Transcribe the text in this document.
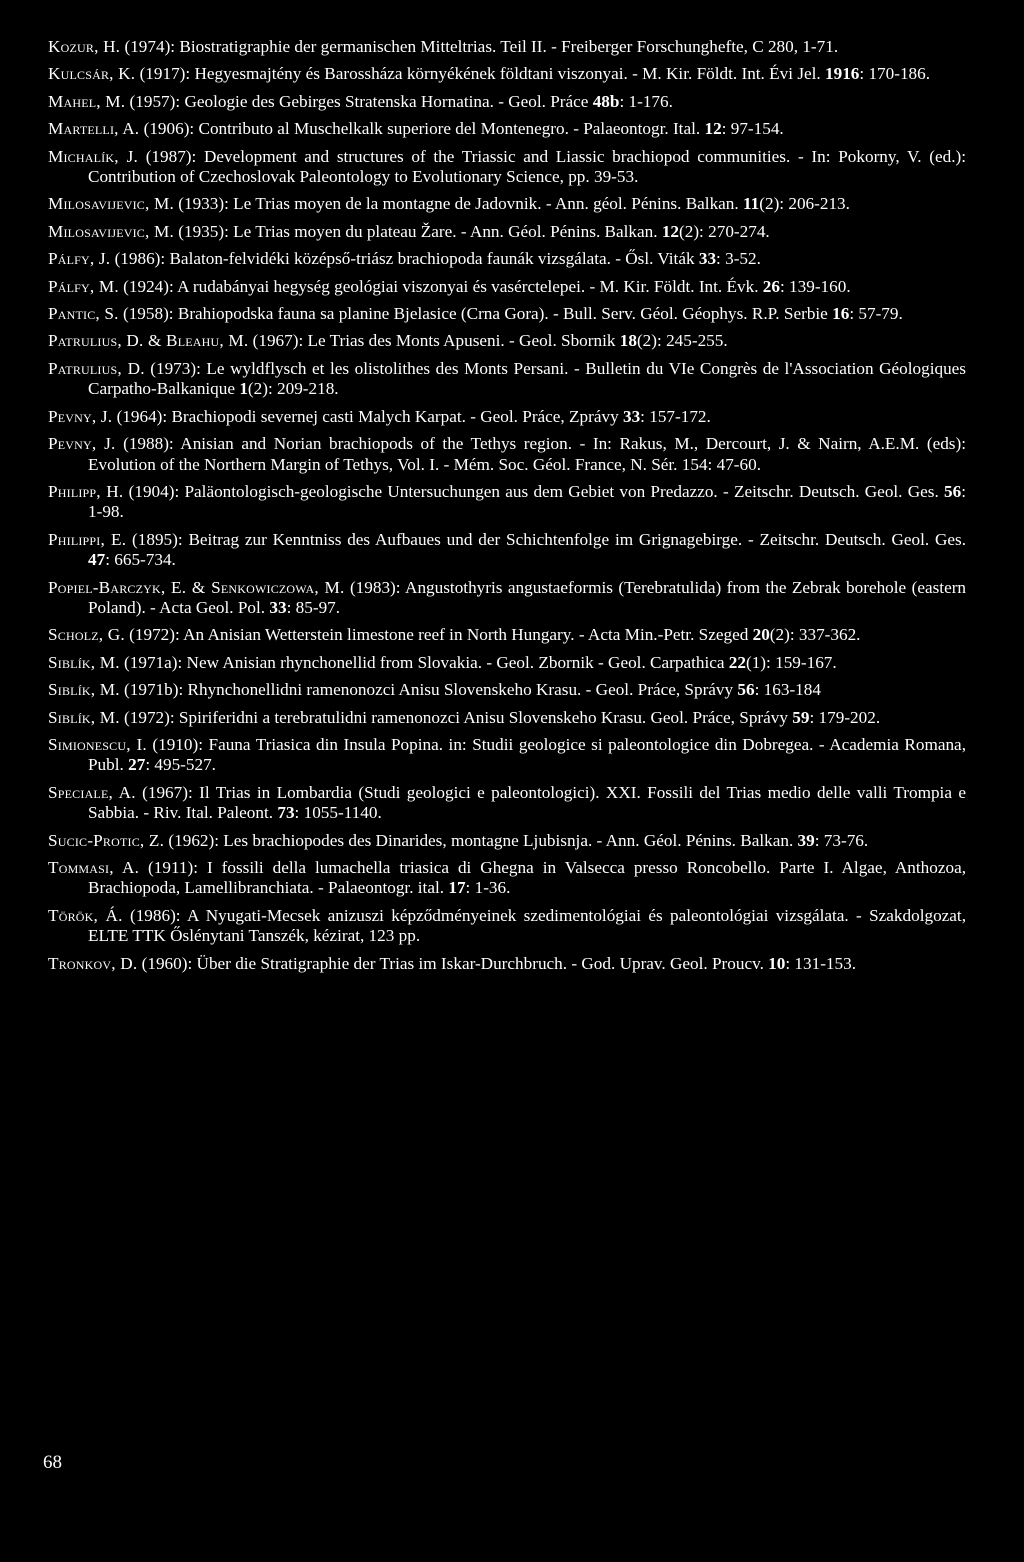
Kozur, H. (1974): Biostratigraphie der germanischen Mitteltrias. Teil II. - Freiberger Forschunghefte, C 280, 1-71.

Kulcsár, K. (1917): Hegyesmajtény és Barossháza környékének földtani viszonyai. - M. Kir. Földt. Int. Évi Jel. 1916: 170-186.

Mahel, M. (1957): Geologie des Gebirges Stratenska Hornatina. - Geol. Práce 48b: 1-176.

Martelli, A. (1906): Contributo al Muschelkalk superiore del Montenegro. - Palaeontogr. Ital. 12: 97-154.

Michalík, J. (1987): Development and structures of the Triassic and Liassic brachiopod communities. - In: Pokorny, V. (ed.): Contribution of Czechoslovak Paleontology to Evolutionary Science, pp. 39-53.

Milosavijevic, M. (1933): Le Trias moyen de la montagne de Jadovnik. - Ann. géol. Pénins. Balkan. 11(2): 206-213.

Milosavijevic, M. (1935): Le Trias moyen du plateau Žare. - Ann. Géol. Pénins. Balkan. 12(2): 270-274.

Pálfy, J. (1986): Balaton-felvidéki középső-triász brachiopoda faunák vizsgálata. - Ősl. Viták 33: 3-52.

Pálfy, M. (1924): A rudabányai hegység geológiai viszonyai és vasérctelepei. - M. Kir. Földt. Int. Évk. 26: 139-160.

Pantic, S. (1958): Brahiopodska fauna sa planine Bjelasice (Crna Gora). - Bull. Serv. Géol. Géophys. R.P. Serbie 16: 57-79.

Patrulius, D. & Bleahu, M. (1967): Le Trias des Monts Apuseni. - Geol. Sbornik 18(2): 245-255.

Patrulius, D. (1973): Le wyldflysch et les olistolithes des Monts Persani. - Bulletin du VIe Congrès de l'Association Géologiques Carpatho-Balkanique 1(2): 209-218.

Pevny, J. (1964): Brachiopodi severnej casti Malych Karpat. - Geol. Práce, Zprávy 33: 157-172.

Pevny, J. (1988): Anisian and Norian brachiopods of the Tethys region. - In: Rakus, M., Dercourt, J. & Nairn, A.E.M. (eds): Evolution of the Northern Margin of Tethys, Vol. I. - Mém. Soc. Géol. France, N. Sér. 154: 47-60.

Philipp, H. (1904): Paläontologisch-geologische Untersuchungen aus dem Gebiet von Predazzo. - Zeitschr. Deutsch. Geol. Ges. 56: 1-98.

Philippi, E. (1895): Beitrag zur Kenntniss des Aufbaues und der Schichtenfolge im Grignagebirge. - Zeitschr. Deutsch. Geol. Ges. 47: 665-734.

Popiel-Barczyk, E. & Senkowiczowa, M. (1983): Angustothyris angustaeformis (Terebratulida) from the Zebrak borehole (eastern Poland). - Acta Geol. Pol. 33: 85-97.

Scholz, G. (1972): An Anisian Wetterstein limestone reef in North Hungary. - Acta Min.-Petr. Szeged 20(2): 337-362.

Siblík, M. (1971a): New Anisian rhynchonellid from Slovakia. - Geol. Zbornik - Geol. Carpathica 22(1): 159-167.

Siblík, M. (1971b): Rhynchonellidni ramenonozci Anisu Slovenskeho Krasu. - Geol. Práce, Správy 56: 163-184

Siblík, M. (1972): Spiriferidni a terebratulidni ramenonozci Anisu Slovenskeho Krasu. Geol. Práce, Správy 59: 179-202.

Simionescu, I. (1910): Fauna Triasica din Insula Popina. in: Studii geologice si paleontologice din Dobregea. - Academia Romana, Publ. 27: 495-527.

Speciale, A. (1967): Il Trias in Lombardia (Studi geologici e paleontologici). XXI. Fossili del Trias medio delle valli Trompia e Sabbia. - Riv. Ital. Paleont. 73: 1055-1140.

Sucic-Protic, Z. (1962): Les brachiopodes des Dinarides, montagne Ljubisnja. - Ann. Géol. Pénins. Balkan. 39: 73-76.

Tommasi, A. (1911): I fossili della lumachella triasica di Ghegna in Valsecca presso Roncobello. Parte I. Algae, Anthozoa, Brachiopoda, Lamellibranchiata. - Palaeontogr. ital. 17: 1-36.

Török, Á. (1986): A Nyugati-Mecsek anizuszi képződményeinek szedimentológiai és paleontológiai vizsgálata. - Szakdolgozat, ELTE TTK Őslénytani Tanszék, kézirat, 123 pp.

Tronkov, D. (1960): Über die Stratigraphie der Trias im Iskar-Durchbruch. - God. Uprav. Geol. Proucv. 10: 131-153.

68
